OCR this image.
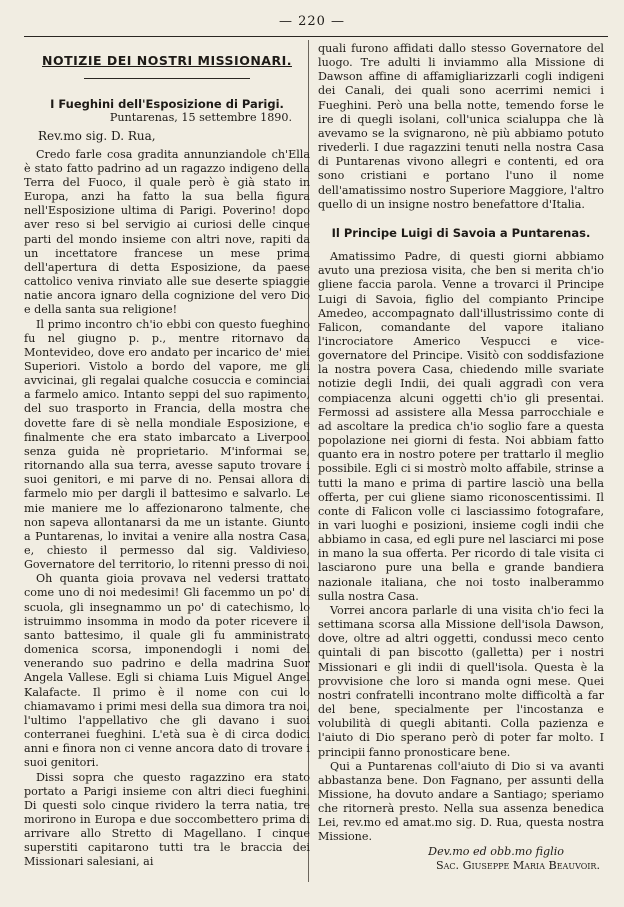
— 220 —
NOTIZIE DEI NOSTRI MISSIONARI.
I Fueghini dell'Esposizione di Parigi.
Puntarenas, 15 settembre 1890.
Rev.mo sig. D. Rua,

Credo farle cosa gradita annunziandole ch'Ella è stato fatto padrino ad un ragazzo indigeno della Terra del Fuoco, il quale però è già stato in Europa, anzi ha fatto la sua bella figura nell'Esposizione ultima di Parigi. Poverino! dopo aver reso si bel servigio ai curiosi delle cinque parti del mondo insieme con altri nove, rapiti da un incettatore francese un mese prima dell'apertura di detta Esposizione, da paese cattolico veniva rinviato alle sue deserte spiaggie natie ancora ignaro della cognizione del vero Dio e della santa sua religione!

Il primo incontro ch'io ebbi con questo fueghino fu nel giugno p. p., mentre ritornavo da Montevideo, dove ero andato per incarico de' miei Superiori. Vistolo a bordo del vapore, me gli avvicinai, gli regalai qualche cosuccia e cominciai a farmelo amico. Intanto seppi del suo rapimento, del suo trasporto in Francia, della mostra che dovette fare di sè nella mondiale Esposizione, e finalmente che era stato imbarcato a Liverpool senza guida nè proprietario. M'informai se, ritornando alla sua terra, avesse saputo trovare i suoi genitori, e mi parve di no. Pensai allora di farmelo mio per dargli il battesimo e salvarlo. Le mie maniere me lo affezionarono talmente, che non sapeva allontanarsi da me un istante. Giunto a Puntarenas, lo invitai a venire alla nostra Casa, e, chiesto il permesso dal sig. Valdivieso, Governatore del territorio, lo ritenni presso di noi.

Oh quanta gioia provava nel vedersi trattato come uno di noi medesimi! Gli facemmo un po' di scuola, gli insegnammo un po' di catechismo, lo istruimmo insomma in modo da poter ricevere il santo battesimo, il quale gli fu amministrato domenica scorsa, imponendogli i nomi del venerando suo padrino e della madrina Suor Angela Vallese. Egli si chiama Luis Miguel Angel Kalafacte. Il primo è il nome con cui lo chiamavamo i primi mesi della sua dimora tra noi, l'ultimo l'appellativo che gli davano i suoi conterranei fueghini. L'età sua è di circa dodici anni e finora non ci venne ancora dato di trovare i suoi genitori.

Dissi sopra che questo ragazzino era stato portato a Parigi insieme con altri dieci fueghini. Di questi solo cinque rividero la terra natia, tre morirono in Europa e due soccombettero prima di arrivare allo Stretto di Magellano. I cinque superstiti capitarono tutti tra le braccia dei Missionari salesiani, ai

quali furono affidati dallo stesso Governatore del luogo. Tre adulti li inviammo alla Missione di Dawson affine di affamigliarizzarli cogli indigeni dei Canali, dei quali sono acerrimi nemici i Fueghini. Però una bella notte, temendo forse le ire di quegli isolani, coll'unica scialuppa che là avevamo se la svignarono, nè più abbiamo potuto rivederli. I due ragazzini tenuti nella nostra Casa di Puntarenas vivono allegri e contenti, ed ora sono cristiani e portano l'uno il nome dell'amatissimo nostro Superiore Maggiore, l'altro quello di un insigne nostro benefattore d'Italia.

Il Principe Luigi di Savoia a Puntarenas.

Amatissimo Padre, di questi giorni abbiamo avuto una preziosa visita, che ben si merita ch'io gliene faccia parola. Venne a trovarci il Principe Luigi di Savoia, figlio del compianto Principe Amedeo, accompagnato dall'illustrissimo conte di Falicon, comandante del vapore italiano l'incrociatore Americo Vespucci e vice-governatore del Principe. Visitò con soddisfazione la nostra povera Casa, chiedendo mille svariate notizie degli Indii, dei quali aggradì con vera compiacenza alcuni oggetti ch'io gli presentai. Fermossi ad assistere alla Messa parrocchiale e ad ascoltare la predica ch'io soglio fare a questa popolazione nei giorni di festa. Noi abbiam fatto quanto era in nostro potere per trattarlo il meglio possibile. Egli ci si mostrò molto affabile, strinse a tutti la mano e prima di partire lasciò una bella offerta, per cui gliene siamo riconoscentissimi. Il conte di Falicon volle ci lasciassimo fotografare, in vari luoghi e posizioni, insieme cogli indii che abbiamo in casa, ed egli pure nel lasciarci mi pose in mano la sua offerta. Per ricordo di tale visita ci lasciarono pure una bella e grande bandiera nazionale italiana, che noi tosto inalberammo sulla nostra Casa.

Vorrei ancora parlarle di una visita ch'io feci la settimana scorsa alla Missione dell'isola Dawson, dove, oltre ad altri oggetti, condussi meco cento quintali di pan biscotto (galletta) per i nostri Missionari e gli indii di quell'isola. Questa è la provvisione che loro si manda ogni mese. Quei nostri confratelli incontrano molte difficoltà a far del bene, specialmente per l'incostanza e volubilità di quegli abitanti. Colla pazienza e l'aiuto di Dio sperano però di poter far molto. I principii fanno pronosticare bene.

Qui a Puntarenas coll'aiuto di Dio si va avanti abbastanza bene. Don Fagnano, per assunti della Missione, ha dovuto andare a Santiago; speriamo che ritornerà presto. Nella sua assenza benedica Lei, rev.mo ed amat.mo sig. D. Rua, questa nostra Missione.

Dev.mo ed obb.mo figlio
Sac. Giuseppe Maria Beauvoir.
